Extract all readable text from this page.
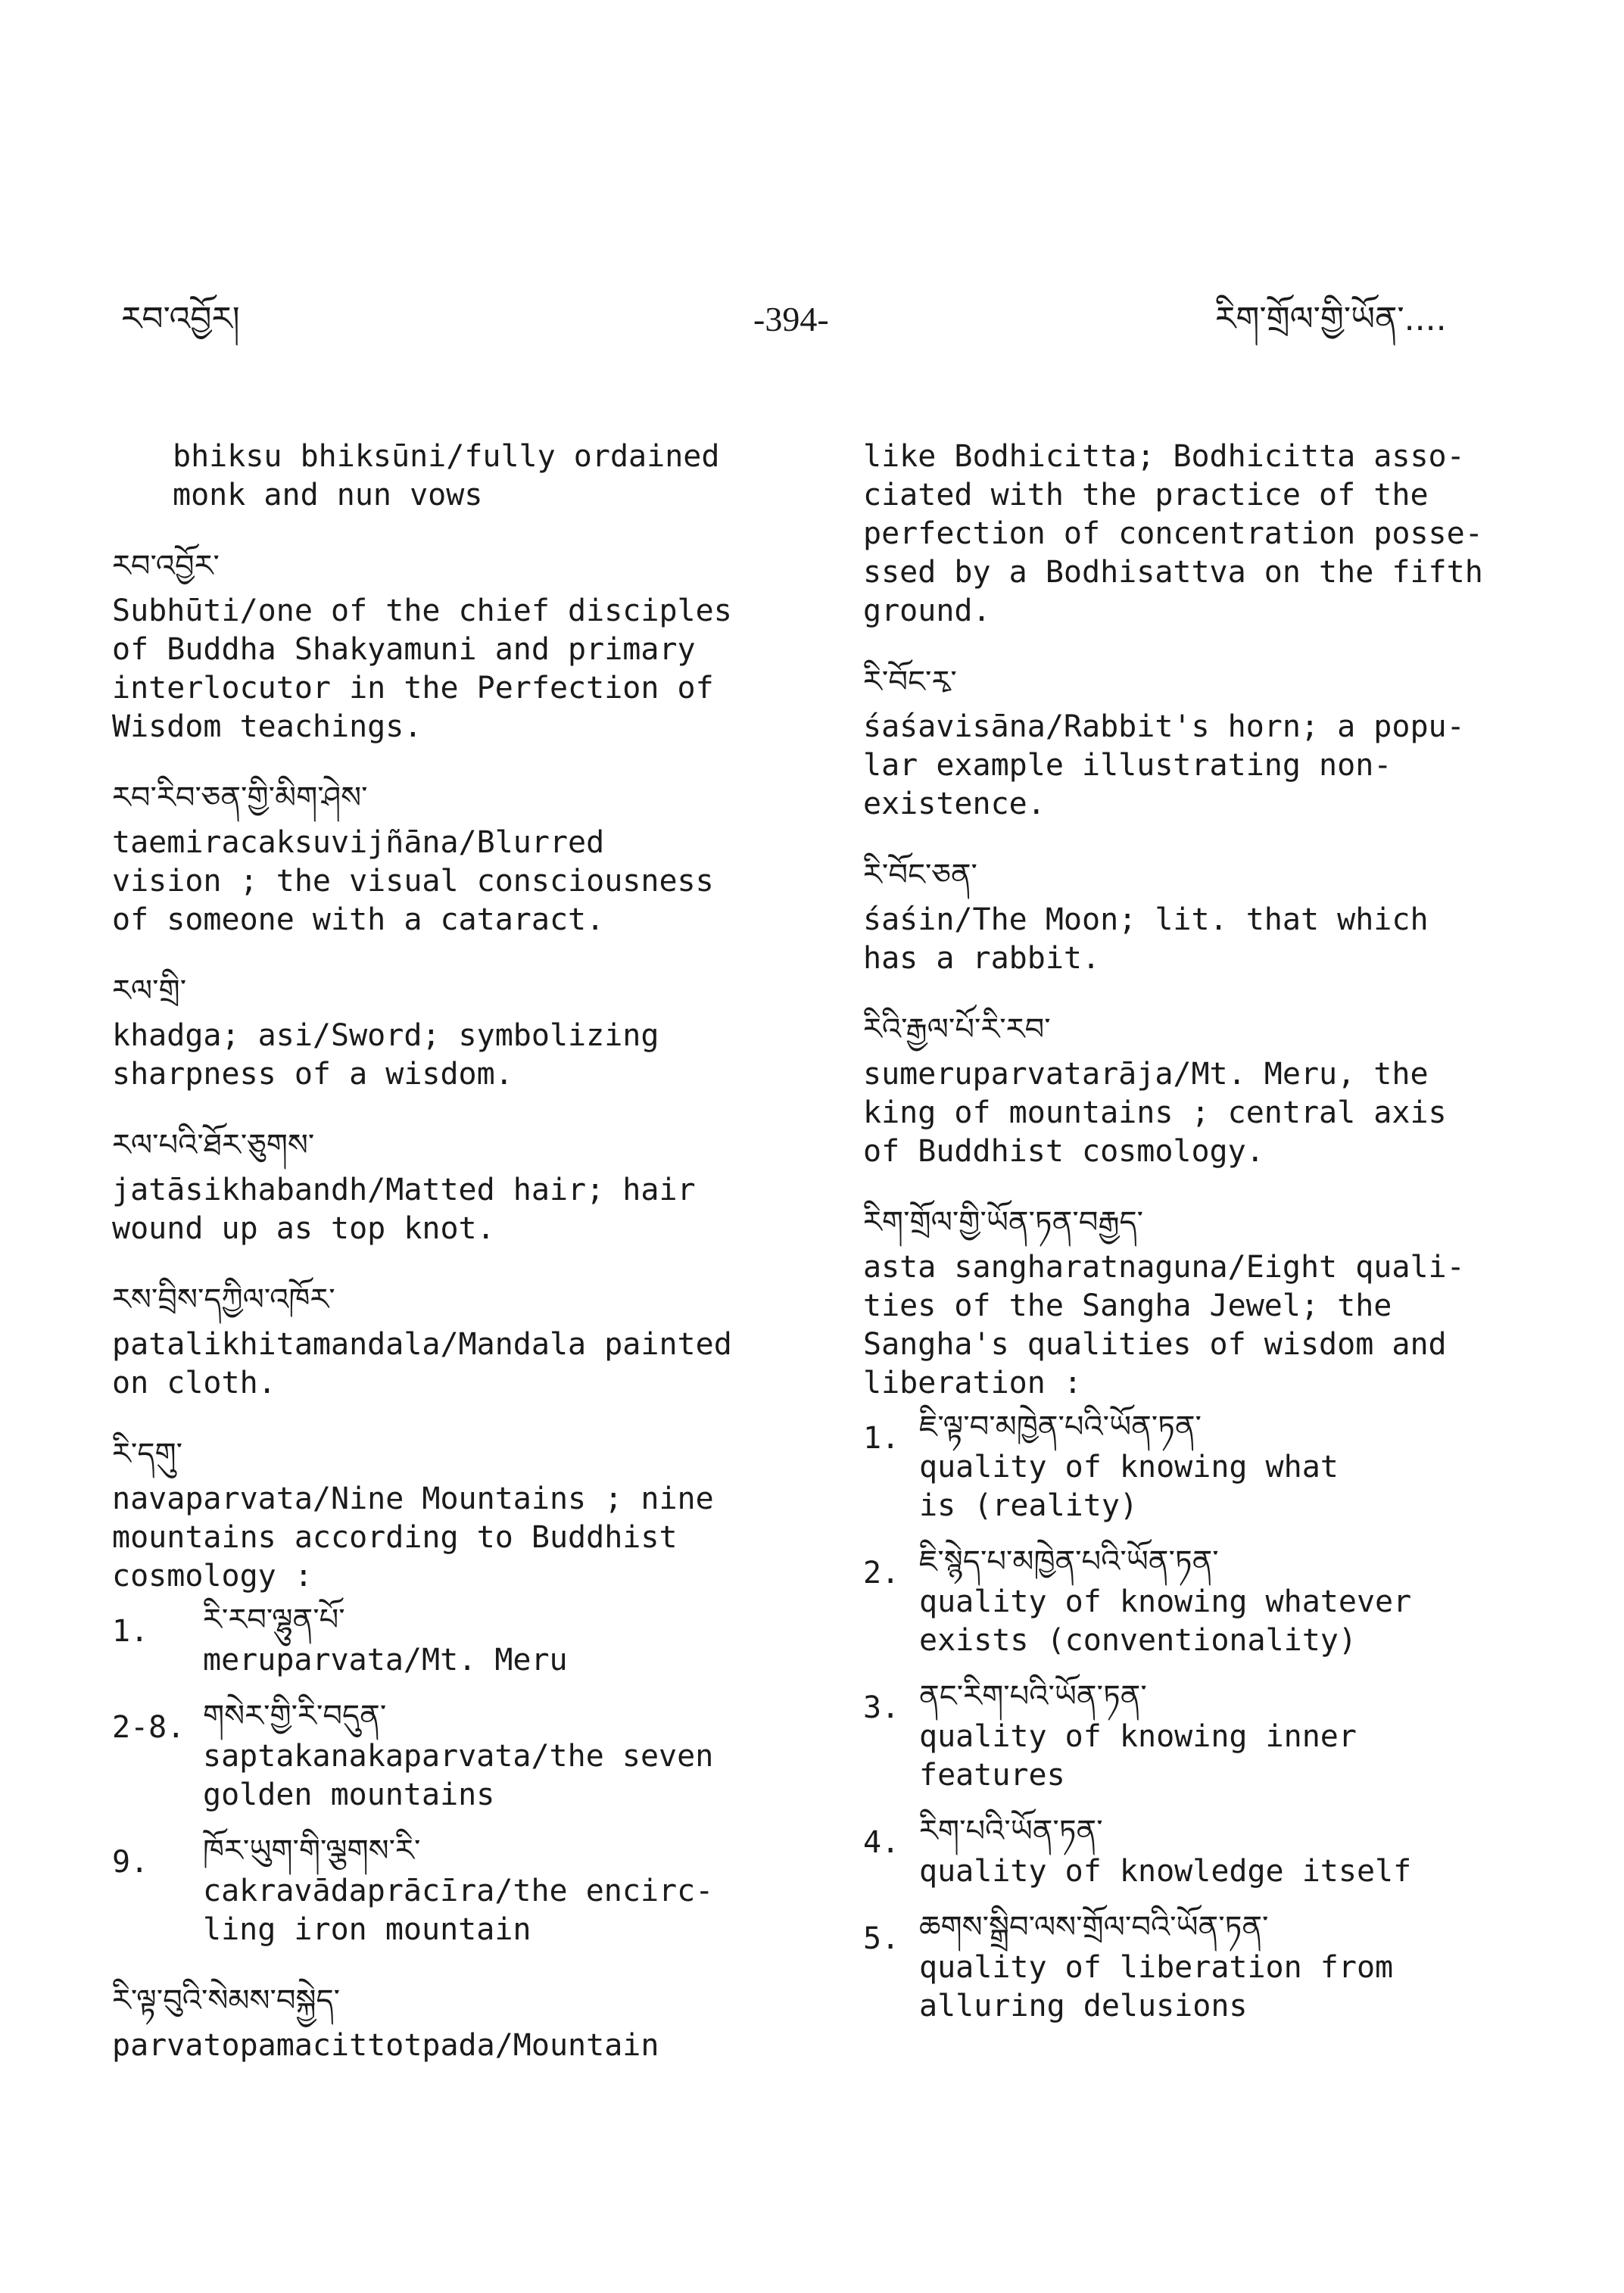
རབ་འབྱོར།	-394-	རིག་གྲོལ་གྱི་ཡོན་....
bhiksu bhiksūni/fully ordained
monk and nun vows
རབ་འབྱོར་
Subhūti/one of the chief disciples
of Buddha Shakyamuni and primary
interlocutor in the Perfection of
Wisdom teachings.
རབ་རིབ་ཅན་གྱི་མིག་ཤེས་
taemiracaksuvijñāna/Blurred
vision ; the visual consciousness
of someone with a cataract.
རལ་གྲི་
khadga; asi/Sword; symbolizing
sharpness of a wisdom.
རལ་པའི་ཐོར་ཅུགས་
jatāsikhabandh/Matted hair; hair
wound up as top knot.
རས་བྲིས་དཀྱིལ་འཁོར་
patalikhitamandala/Mandala painted
on cloth.
རི་དགུ་
navaparvata/Nine Mountains ; nine
mountains according to Buddhist
cosmology :
1.	རི་རབ་ལྷུན་པོ་
meruparvata/Mt. Meru
2-8. གསེར་གྱི་རི་བདུན་
saptakanakaparvata/the seven
golden mountains
9.	ཁོར་ཡུག་གི་ལྕགས་རི་
cakravādaprācīra/the encirc-
ling iron mountain
རི་ལྟ་བུའི་སེམས་བསྐྱེད་
parvatopamacittotpada/Mountain
like Bodhicitta; Bodhicitta asso-
ciated with the practice of the
perfection of concentration posse-
ssed by a Bodhisattva on the fifth
ground.
རི་བོང་རྭ་
śaśavisāna/Rabbit's horn; a popu-
lar example illustrating non-
existence.
རི་བོང་ཅན་
śaśin/The Moon; lit. that which
has a rabbit.
རིའི་རྒྱལ་པོ་རི་རབ་
sumeruparvatarāja/Mt. Meru, the
king of mountains ; central axis
of Buddhist cosmology.
རིག་གྲོལ་གྱི་ཡོན་ཏན་བརྒྱད་
asta sangharatnaguna/Eight quali-
ties of the Sangha Jewel; the
Sangha's qualities of wisdom and
liberation :
1. ཇི་ལྟ་བ་མཁྱེན་པའི་ཡོན་ཏན་
quality of knowing what
is (reality)
2. ཇི་སྙེད་པ་མཁྱེན་པའི་ཡོན་ཏན་
quality of knowing whatever
exists (conventionality)
3. ནང་རིག་པའི་ཡོན་ཏན་
quality of knowing inner
features
4. རིག་པའི་ཡོན་ཏན་
quality of knowledge itself
5. ཆགས་སྒྲིབ་ལས་གྲོལ་བའི་ཡོན་ཏན་
quality of liberation from
alluring delusions
